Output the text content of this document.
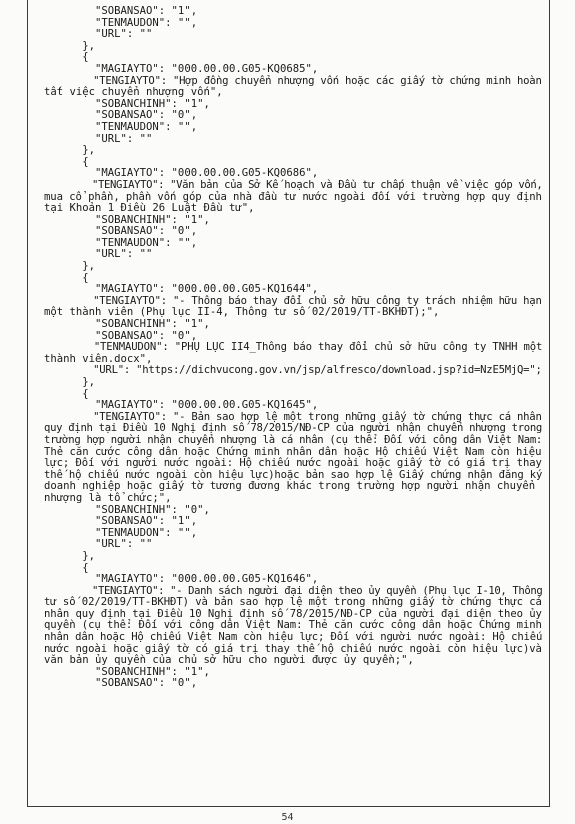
"SOBANSAO": "1",
"TENMAUDON": "",
"URL": ""
},
{
"MAGIAYTO": "000.00.00.G05-KQ0685",
"TENGIAYTO": "Hợp đồng chuyển nhượng vốn hoặc các giấy tờ chứng minh hoàn
tất việc chuyển nhượng vốn",
"SOBANCHINH": "1",
"SOBANSAO": "0",
"TENMAUDON": "",
"URL": ""
},
{
"MAGIAYTO": "000.00.00.G05-KQ0686",
"TENGIAYTO": "Văn bản của Sở Kế hoạch và Đầu tư chấp thuận về việc góp vốn,
mua cổ phần, phần vốn góp của nhà đầu tư nước ngoài đối với trường hợp quy định
tại Khoản 1 Điều 26 Luật Đầu tư",
"SOBANCHINH": "1",
"SOBANSAO": "0",
"TENMAUDON": "",
"URL": ""
},
{
"MAGIAYTO": "000.00.00.G05-KQ1644",
"TENGIAYTO": "- Thông báo thay đổi chủ sở hữu công ty trách nhiệm hữu hạn
một thành viên (Phụ lục II-4, Thông tư số 02/2019/TT-BKHĐT);",
"SOBANCHINH": "1",
"SOBANSAO": "0",
"TENMAUDON": "PHỤ LỤC II4_Thông báo thay đổi chủ sở hữu công ty TNHH một
thành viên.docx",
"URL": "https://dichvucong.gov.vn/jsp/alfresco/download.jsp?id=NzE5MjQ=";
},
{
"MAGIAYTO": "000.00.00.G05-KQ1645",
"TENGIAYTO": "- Bản sao hợp lệ một trong những giấy tờ chứng thực cá nhân
quy định tại Điều 10 Nghị định số 78/2015/NĐ-CP của người nhận chuyển nhượng trong
trường hợp người nhận chuyển nhượng là cá nhân (cụ thể: Đối với công dân Việt Nam:
Thẻ căn cước công dân hoặc Chứng minh nhân dân hoặc Hộ chiếu Việt Nam còn hiệu
lực; Đối với người nước ngoài: Hộ chiếu nước ngoài hoặc giấy tờ có giá trị thay
thế hộ chiếu nước ngoài còn hiệu lực)hoặc bản sao hợp lệ Giấy chứng nhận đăng ký
doanh nghiệp hoặc giấy tờ tương đương khác trong trường hợp người nhận chuyển
nhượng là tổ chức;",
"SOBANCHINH": "0",
"SOBANSAO": "1",
"TENMAUDON": "",
"URL": ""
},
{
"MAGIAYTO": "000.00.00.G05-KQ1646",
"TENGIAYTO": "- Danh sách người đại diện theo ủy quyền (Phụ lục I-10, Thông
tư số 02/2019/TT-BKHĐT) và bản sao hợp lệ một trong những giấy tờ chứng thực cá
nhân quy định tại Điều 10 Nghị định số 78/2015/NĐ-CP của người đại diện theo ủy
quyền (cụ thể: Đối với công dân Việt Nam: Thẻ căn cước công dân hoặc Chứng minh
nhân dân hoặc Hộ chiếu Việt Nam còn hiệu lực; Đối với người nước ngoài: Hộ chiếu
nước ngoài hoặc giấy tờ có giá trị thay thế hộ chiếu nước ngoài còn hiệu lực)và
văn bản ủy quyền của chủ sở hữu cho người được ủy quyền;",
"SOBANCHINH": "1",
"SOBANSAO": "0",
54
